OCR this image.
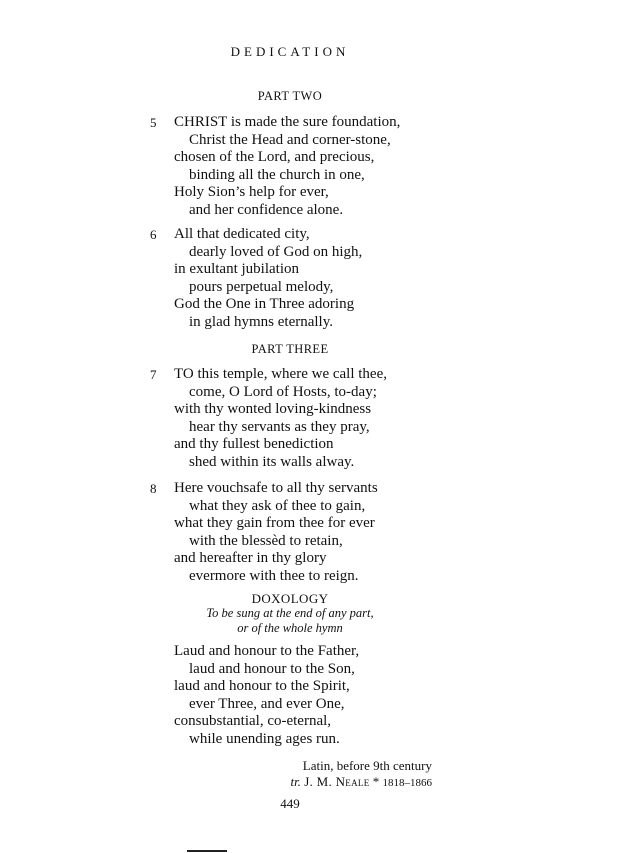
DEDICATION
PART TWO
5 CHRIST is made the sure foundation,
Christ the Head and corner-stone,
chosen of the Lord, and precious,
binding all the church in one,
Holy Sion’s help for ever,
and her confidence alone.
6 All that dedicated city,
dearly loved of God on high,
in exultant jubilation
pours perpetual melody,
God the One in Three adoring
in glad hymns eternally.
PART THREE
7 TO this temple, where we call thee,
come, O Lord of Hosts, to-day;
with thy wonted loving-kindness
hear thy servants as they pray,
and thy fullest benediction
shed within its walls alway.
8 Here vouchsafe to all thy servants
what they ask of thee to gain,
what they gain from thee for ever
with the blessèd to retain,
and hereafter in thy glory
evermore with thee to reign.
DOXOLOGY
To be sung at the end of any part,
or of the whole hymn
Laud and honour to the Father,
laud and honour to the Son,
laud and honour to the Spirit,
ever Three, and ever One,
consubstantial, co-eternal,
while unending ages run.
Latin, before 9th century
tr. J. M. Neale * 1818–1866
449
